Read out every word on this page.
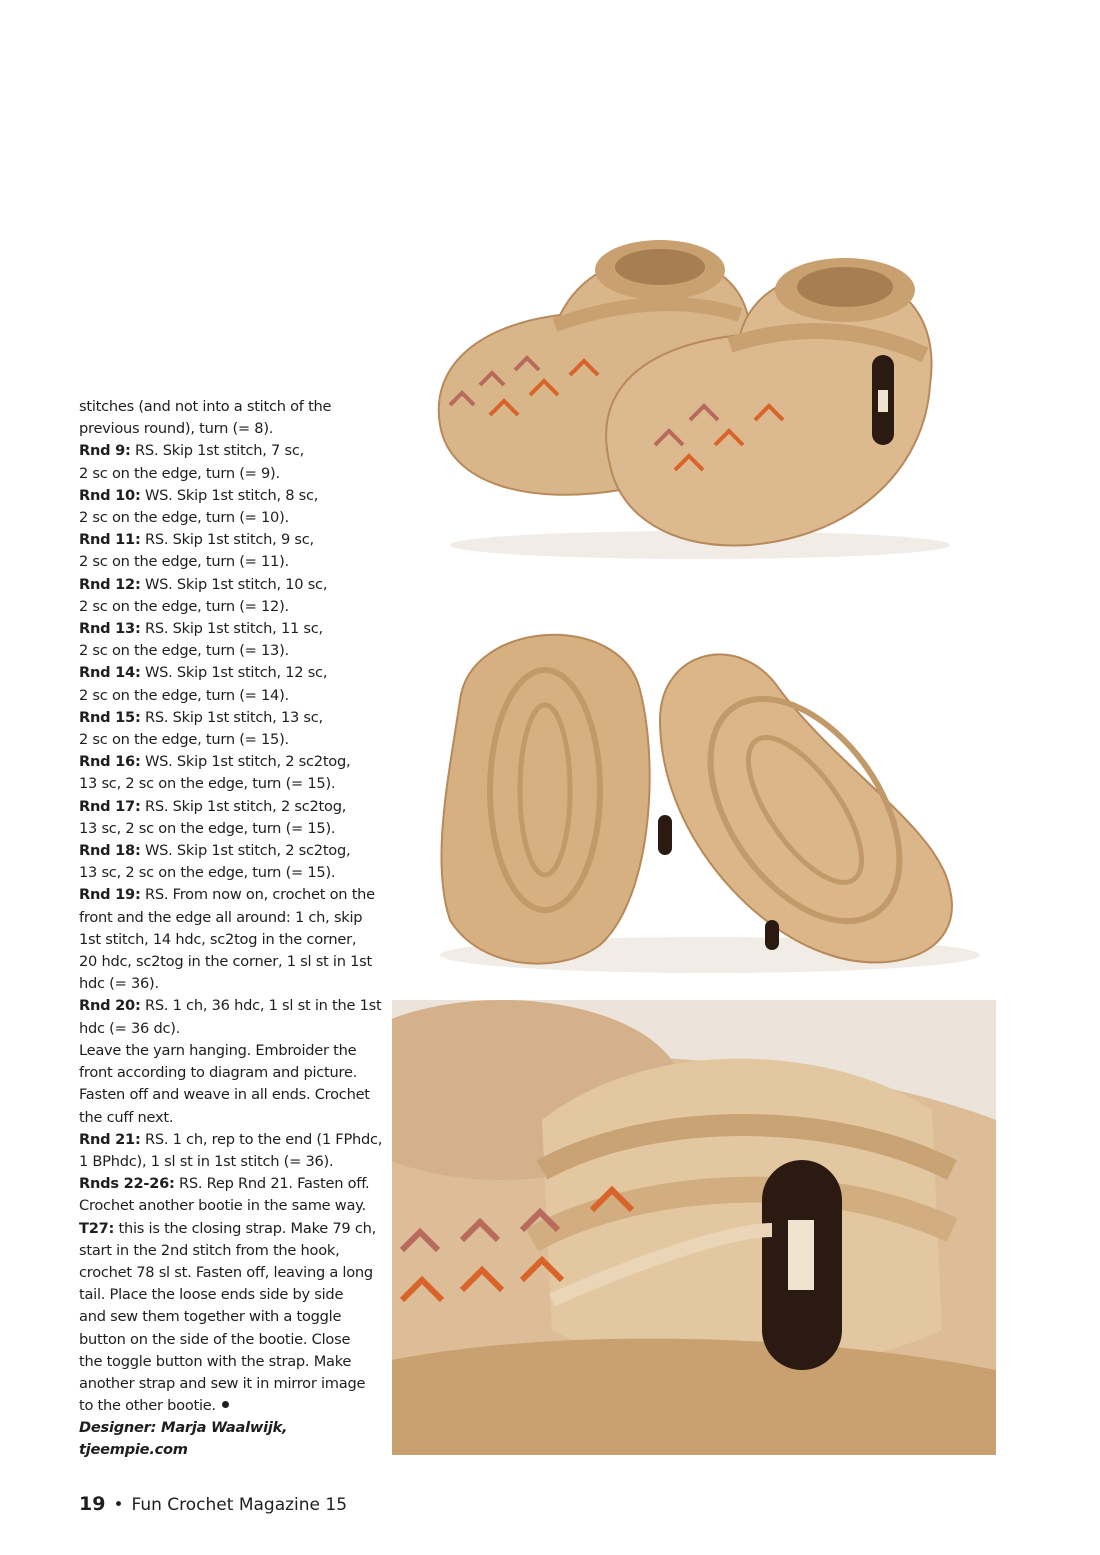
stitches (and not into a stitch of the
previous round), turn (= 8).
Rnd 9: RS. Skip 1st stitch, 7 sc,
2 sc on the edge, turn (= 9).
Rnd 10: WS. Skip 1st stitch, 8 sc,
2 sc on the edge, turn (= 10).
Rnd 11: RS. Skip 1st stitch, 9 sc,
2 sc on the edge, turn (= 11).
Rnd 12: WS. Skip 1st stitch, 10 sc,
2 sc on the edge, turn (= 12).
Rnd 13: RS. Skip 1st stitch, 11 sc,
2 sc on the edge, turn (= 13).
Rnd 14: WS. Skip 1st stitch, 12 sc,
2 sc on the edge, turn (= 14).
Rnd 15: RS. Skip 1st stitch, 13 sc,
2 sc on the edge, turn (= 15).
Rnd 16: WS. Skip 1st stitch, 2 sc2tog,
13 sc, 2 sc on the edge, turn (= 15).
Rnd 17: RS. Skip 1st stitch, 2 sc2tog,
13 sc, 2 sc on the edge, turn (= 15).
Rnd 18: WS. Skip 1st stitch, 2 sc2tog,
13 sc, 2 sc on the edge, turn (= 15).
Rnd 19: RS. From now on, crochet on the
front and the edge all around: 1 ch, skip
1st stitch, 14 hdc, sc2tog in the corner,
20 hdc, sc2tog in the corner, 1 sl st in 1st
hdc (= 36).
Rnd 20: RS. 1 ch, 36 hdc, 1 sl st in the 1st
hdc (= 36 dc).
Leave the yarn hanging. Embroider the
front according to diagram and picture.
Fasten off and weave in all ends. Crochet
the cuff next.
Rnd 21: RS. 1 ch, rep to the end (1 FPhdc,
1 BPhdc), 1 sl st in 1st stitch (= 36).
Rnds 22-26: RS. Rep Rnd 21. Fasten off.
Crochet another bootie in the same way.
T27: this is the closing strap. Make 79 ch,
start in the 2nd stitch from the hook,
crochet 78 sl st. Fasten off, leaving a long
tail. Place the loose ends side by side
and sew them together with a toggle
button on the side of the bootie. Close
the toggle button with the strap. Make
another strap and sew it in mirror image
to the other bootie.
Designer: Marja Waalwijk,
tjeempie.com
19 • Fun Crochet Magazine 15
